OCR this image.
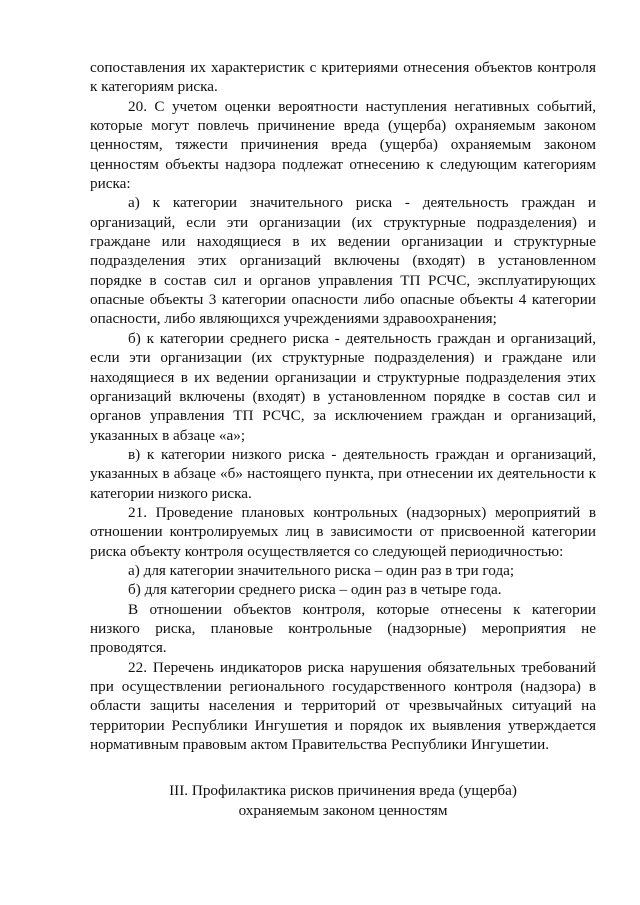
сопоставления их характеристик с критериями отнесения объектов контроля к категориям риска.

20. С учетом оценки вероятности наступления негативных событий, которые могут повлечь причинение вреда (ущерба) охраняемым законом ценностям, тяжести причинения вреда (ущерба) охраняемым законом ценностям объекты надзора подлежат отнесению к следующим категориям риска:

а) к категории значительного риска - деятельность граждан и организаций, если эти организации (их структурные подразделения) и граждане или находящиеся в их ведении организации и структурные подразделения этих организаций включены (входят) в установленном порядке в состав сил и органов управления ТП РСЧС, эксплуатирующих опасные объекты 3 категории опасности либо опасные объекты 4 категории опасности, либо являющихся учреждениями здравоохранения;

б) к категории среднего риска - деятельность граждан и организаций, если эти организации (их структурные подразделения) и граждане или находящиеся в их ведении организации и структурные подразделения этих организаций включены (входят) в установленном порядке в состав сил и органов управления ТП РСЧС, за исключением граждан и организаций, указанных в абзаце «а»;

в) к категории низкого риска - деятельность граждан и организаций, указанных в абзаце «б» настоящего пункта, при отнесении их деятельности к категории низкого риска.

21. Проведение плановых контрольных (надзорных) мероприятий в отношении контролируемых лиц в зависимости от присвоенной категории риска объекту контроля осуществляется со следующей периодичностью:

а) для категории значительного риска – один раз в три года;

б) для категории среднего риска – один раз в четыре года.

В отношении объектов контроля, которые отнесены к категории низкого риска, плановые контрольные (надзорные) мероприятия не проводятся.

22. Перечень индикаторов риска нарушения обязательных требований при осуществлении регионального государственного контроля (надзора) в области защиты населения и территорий от чрезвычайных ситуаций на территории Республики Ингушетия и порядок их выявления утверждается нормативным правовым актом Правительства Республики Ингушетии.

III. Профилактика рисков причинения вреда (ущерба)
охраняемым законом ценностям
